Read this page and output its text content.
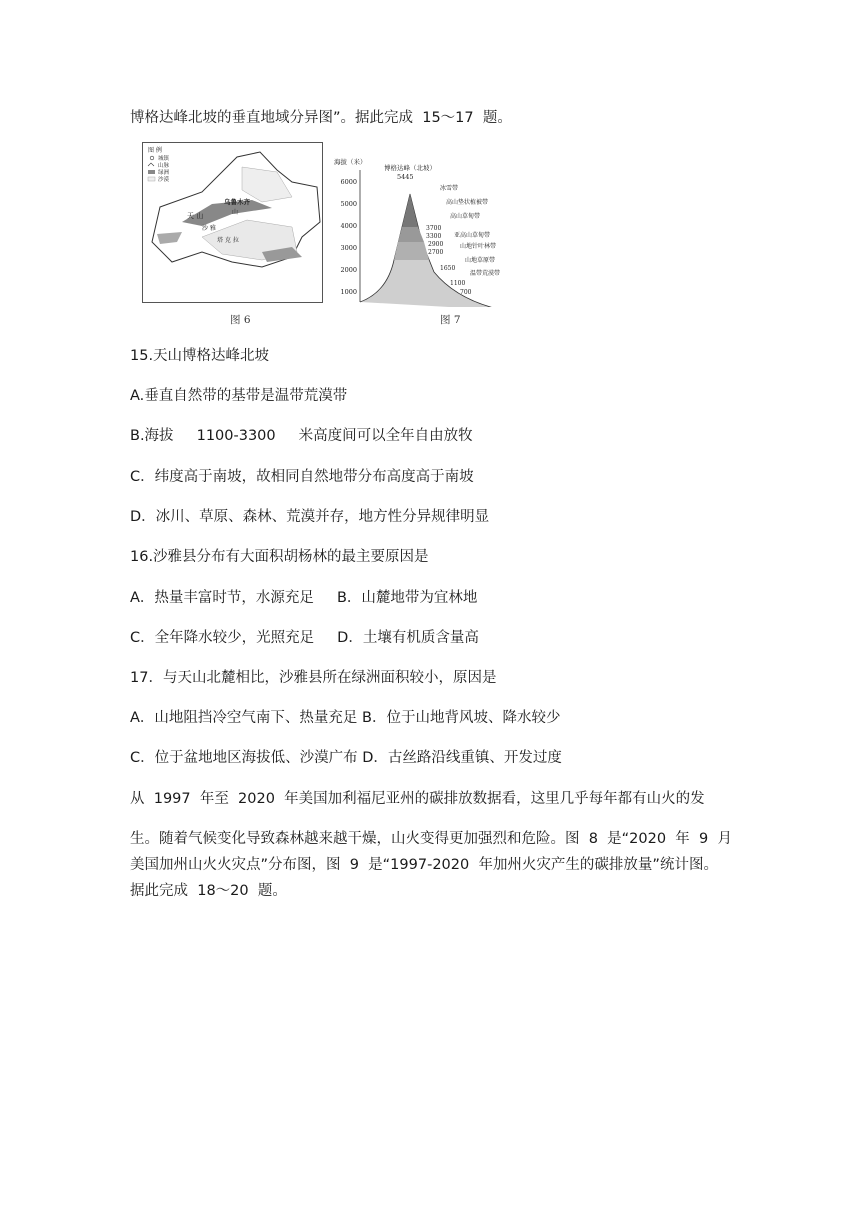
博格达峰北坡的垂直地域分异图”。据此完成  15～17  题。
图 例
城镇
山脉
绿洲
沙漠
乌鲁木齐
天 山	山
沙 雅
塔 克 拉
海拔（米）
6000
5000
4000
3000
2000
1000
博格达峰（北坡）
5445
冰雪带
高山垫状植被带
高山草甸带
亚高山草甸带
山地针叶林带
山地草原带
温带荒漠带
3700
3300
2900
2700
1650
1100
700
图 6	图 7
15.天山博格达峰北坡
A.垂直自然带的基带是温带荒漠带
B.海拔     1100-3300     米高度间可以全年自由放牧
C．纬度高于南坡，故相同自然地带分布高度高于南坡
D．冰川、草原、森林、荒漠并存，地方性分异规律明显
16.沙雅县分布有大面积胡杨林的最主要原因是
A．热量丰富时节，水源充足     B．山麓地带为宜林地
C．全年降水较少，光照充足     D．土壤有机质含量高
17．与天山北麓相比，沙雅县所在绿洲面积较小，原因是
A．山地阻挡冷空气南下、热量充足 B．位于山地背风坡、降水较少
C．位于盆地地区海拔低、沙漠广布 D．古丝路沿线重镇、开发过度
从  1997  年至  2020  年美国加利福尼亚州的碳排放数据看，这里几乎每年都有山火的发
生。随着气候变化导致森林越来越干燥，山火变得更加强烈和危险。图  8  是“2020  年  9  月
美国加州山火火灾点”分布图，图  9  是“1997-2020  年加州火灾产生的碳排放量”统计图。
据此完成  18～20  题。
